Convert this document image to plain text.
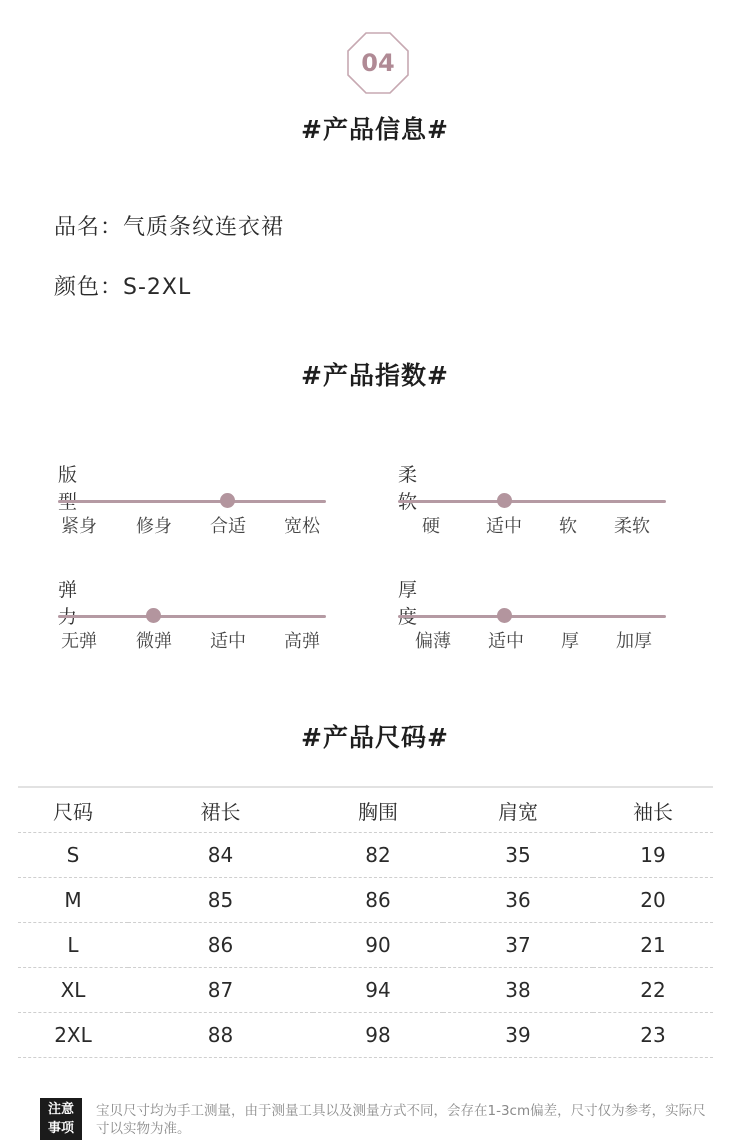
04
#产品信息#
品名：气质条纹连衣裙
颜色：S-2XL
#产品指数#
版
紧身 修身 合适 宽松
柔
硬	适中 软 柔软
弹
无弹 微弹 适中 高弹
厚
偏薄 适中 厚 加厚
#产品尺码#
尺码	裙长	胸围	肩宽	袖长
S	84	82	35	19
M	85	86	36	20
L	86	90	37	21
XL	87	94	38	22
2XL	88	98	39	23
注意
事项
宝贝尺寸均为手工测量，由于测量工具以及测量方式不同，会存在1-3cm偏差，尺寸仅为参考，实际尺寸以实物为准。
